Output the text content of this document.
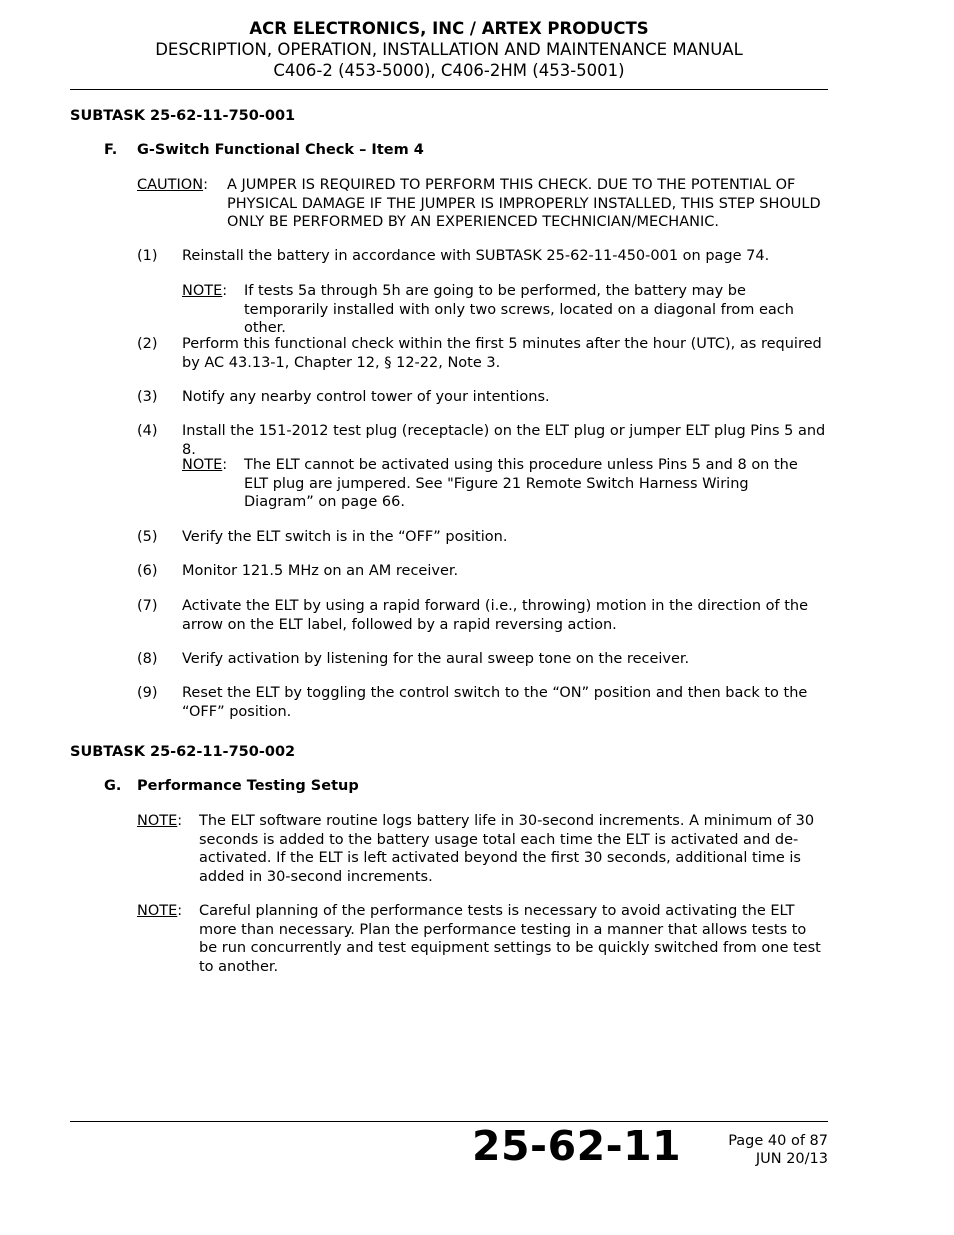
ACR ELECTRONICS, INC / ARTEX PRODUCTS
DESCRIPTION, OPERATION, INSTALLATION AND MAINTENANCE MANUAL
C406-2 (453-5000), C406-2HM (453-5001)
SUBTASK 25-62-11-750-001
F. G-Switch Functional Check – Item 4
CAUTION: A JUMPER IS REQUIRED TO PERFORM THIS CHECK. DUE TO THE POTENTIAL OF PHYSICAL DAMAGE IF THE JUMPER IS IMPROPERLY INSTALLED, THIS STEP SHOULD ONLY BE PERFORMED BY AN EXPERIENCED TECHNICIAN/MECHANIC.
(1) Reinstall the battery in accordance with SUBTASK 25-62-11-450-001 on page 74.
NOTE: If tests 5a through 5h are going to be performed, the battery may be temporarily installed with only two screws, located on a diagonal from each other.
(2) Perform this functional check within the first 5 minutes after the hour (UTC), as required by AC 43.13-1, Chapter 12, § 12-22, Note 3.
(3) Notify any nearby control tower of your intentions.
(4) Install the 151-2012 test plug (receptacle) on the ELT plug or jumper ELT plug Pins 5 and 8.
NOTE: The ELT cannot be activated using this procedure unless Pins 5 and 8 on the ELT plug are jumpered. See "Figure 21 Remote Switch Harness Wiring Diagram” on page 66.
(5) Verify the ELT switch is in the “OFF” position.
(6) Monitor 121.5 MHz on an AM receiver.
(7) Activate the ELT by using a rapid forward (i.e., throwing) motion in the direction of the arrow on the ELT label, followed by a rapid reversing action.
(8) Verify activation by listening for the aural sweep tone on the receiver.
(9) Reset the ELT by toggling the control switch to the “ON” position and then back to the “OFF” position.
SUBTASK 25-62-11-750-002
G. Performance Testing Setup
NOTE: The ELT software routine logs battery life in 30-second increments. A minimum of 30 seconds is added to the battery usage total each time the ELT is activated and de-activated. If the ELT is left activated beyond the first 30 seconds, additional time is added in 30-second increments.
NOTE: Careful planning of the performance tests is necessary to avoid activating the ELT more than necessary. Plan the performance testing in a manner that allows tests to be run concurrently and test equipment settings to be quickly switched from one test to another.
25-62-11	Page 40 of 87
JUN 20/13
